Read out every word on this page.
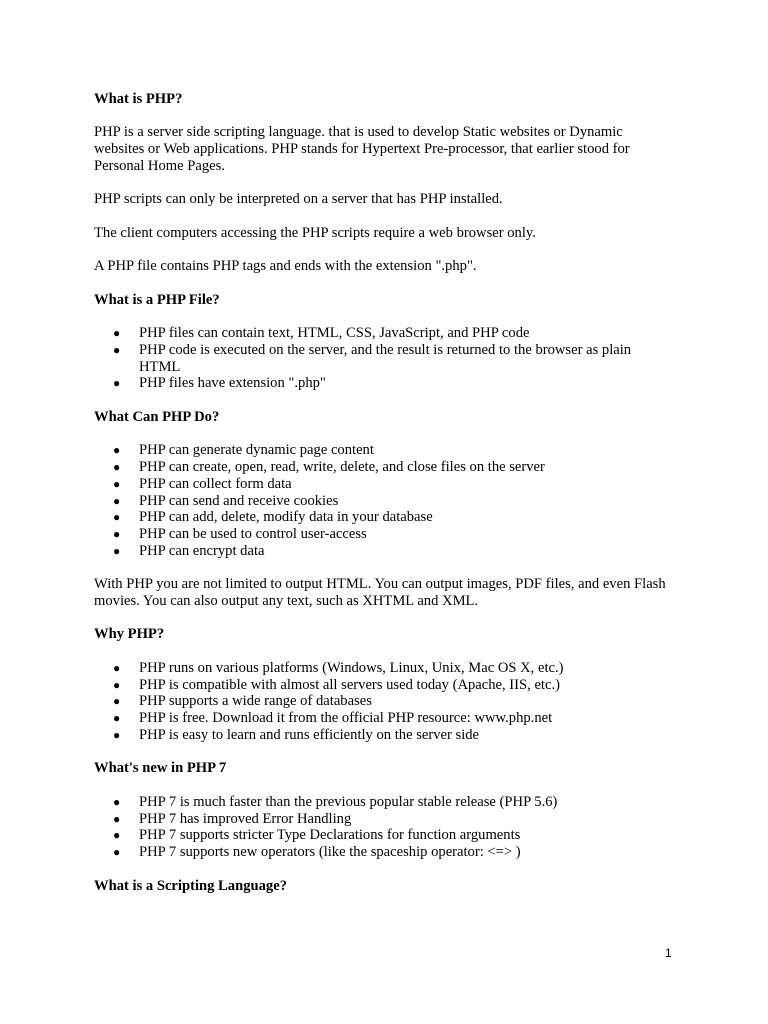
What is PHP?

PHP is a server side scripting language. that is used to develop Static websites or Dynamic websites or Web applications. PHP stands for Hypertext Pre-processor, that earlier stood for Personal Home Pages.

PHP scripts can only be interpreted on a server that has PHP installed.

The client computers accessing the PHP scripts require a web browser only.

A PHP file contains PHP tags and ends with the extension ".php".

What is a PHP File?
● PHP files can contain text, HTML, CSS, JavaScript, and PHP code
● PHP code is executed on the server, and the result is returned to the browser as plain HTML
● PHP files have extension ".php"
What Can PHP Do?
● PHP can generate dynamic page content
● PHP can create, open, read, write, delete, and close files on the server
● PHP can collect form data
● PHP can send and receive cookies
● PHP can add, delete, modify data in your database
● PHP can be used to control user-access
● PHP can encrypt data

With PHP you are not limited to output HTML. You can output images, PDF files, and even Flash movies. You can also output any text, such as XHTML and XML.

Why PHP?
● PHP runs on various platforms (Windows, Linux, Unix, Mac OS X, etc.)
● PHP is compatible with almost all servers used today (Apache, IIS, etc.)
● PHP supports a wide range of databases
● PHP is free. Download it from the official PHP resource: www.php.net
● PHP is easy to learn and runs efficiently on the server side
What's new in PHP 7
● PHP 7 is much faster than the previous popular stable release (PHP 5.6)
● PHP 7 has improved Error Handling
● PHP 7 supports stricter Type Declarations for function arguments
● PHP 7 supports new operators (like the spaceship operator: <=> )
What is a Scripting Language?
1
